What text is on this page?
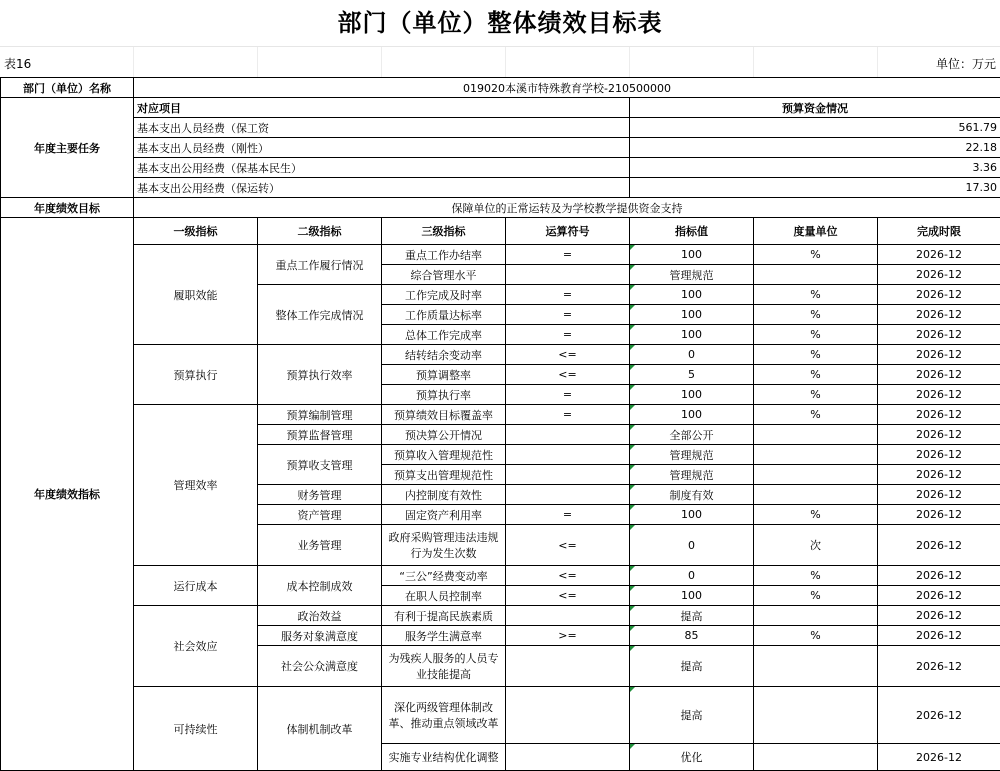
部门（单位）整体绩效目标表
表16	单位：万元
部门（单位）名称	019020本溪市特殊教育学校-210500000						
年度主要任务	对应项目				预算资金情况		
	基本支出人员经费（保工资				561.79		
	基本支出人员经费（刚性）				22.18		
	基本支出公用经费（保基本民生）				3.36		
	基本支出公用经费（保运转）				17.30		
年度绩效目标	保障单位的正常运转及为学校教学提供资金支持						
年度绩效指标	一级指标	二级指标	三级指标	运算符号	指标值	度量单位	完成时限
	履职效能	重点工作履行情况	重点工作办结率	=	100	%	2026-12
			综合管理水平		管理规范		2026-12
		整体工作完成情况	工作完成及时率	=	100	%	2026-12
			工作质量达标率	=	100	%	2026-12
			总体工作完成率	=	100	%	2026-12
	预算执行	预算执行效率	结转结余变动率	<=	0	%	2026-12
			预算调整率	<=	5	%	2026-12
			预算执行率	=	100	%	2026-12
	管理效率	预算编制管理	预算绩效目标覆盖率	=	100	%	2026-12
		预算监督管理	预决算公开情况		全部公开		2026-12
		预算收支管理	预算收入管理规范性		管理规范		2026-12
			预算支出管理规范性		管理规范		2026-12
		财务管理	内控制度有效性		制度有效		2026-12
		资产管理	固定资产利用率	=	100	%	2026-12
		业务管理	政府采购管理违法违规行为发生次数	<=	0	次	2026-12
	运行成本	成本控制成效	“三公”经费变动率	<=	0	%	2026-12
			在职人员控制率	<=	100	%	2026-12
	社会效应	政治效益	有利于提高民族素质		提高		2026-12
		服务对象满意度	服务学生满意率	>=	85	%	2026-12
		社会公众满意度	为残疾人服务的人员专业技能提高		提高		2026-12
	可持续性	体制机制改革	深化两级管理体制改革、推动重点领域改革		提高		2026-12
			实施专业结构优化调整		优化		2026-12
